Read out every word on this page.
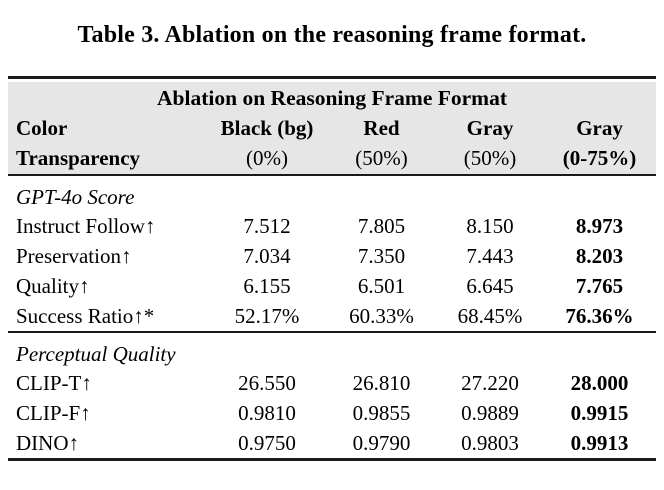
Table 3. Ablation on the reasoning frame format.
Ablation on Reasoning Frame Format				
Color	Black (bg)	Red	Gray	Gray
Transparency	(0%)	(50%)	(50%)	(0-75%)
GPT-4o Score				
Instruct Follow↑	7.512	7.805	8.150	8.973
Preservation↑	7.034	7.350	7.443	8.203
Quality↑	6.155	6.501	6.645	7.765
Success Ratio↑*	52.17%	60.33%	68.45%	76.36%
Perceptual Quality				
CLIP-T↑	26.550	26.810	27.220	28.000
CLIP-F↑	0.9810	0.9855	0.9889	0.9915
DINO↑	0.9750	0.9790	0.9803	0.9913
